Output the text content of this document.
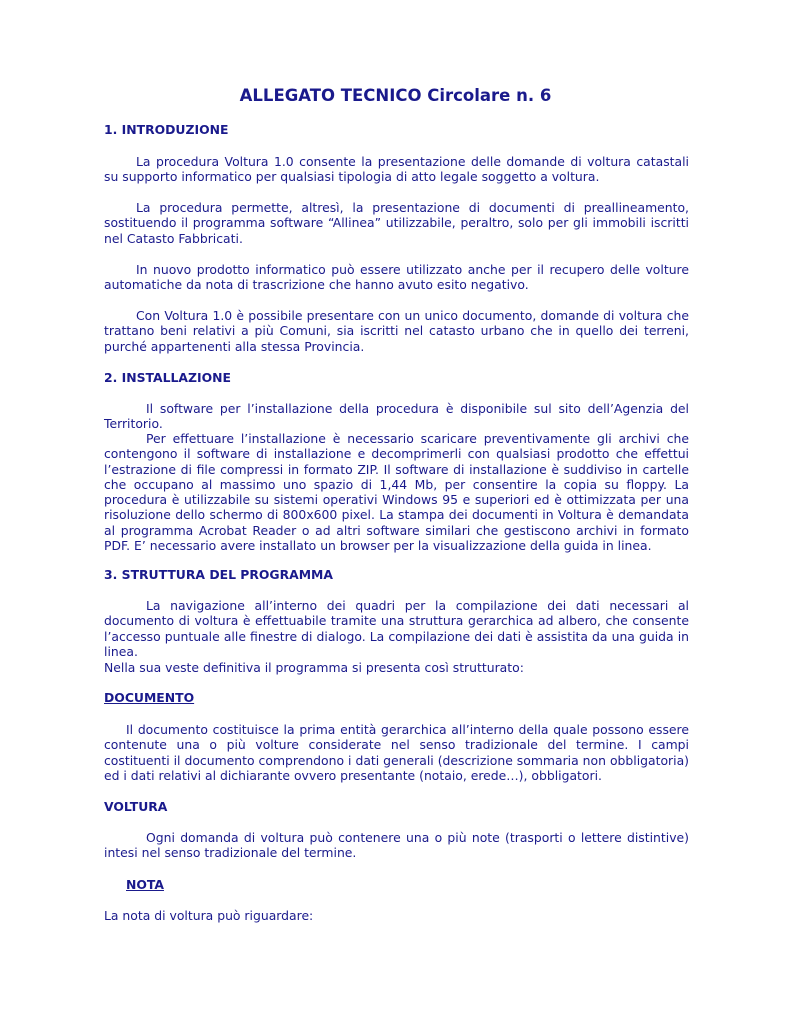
ALLEGATO TECNICO Circolare n. 6
1. INTRODUZIONE
La procedura Voltura 1.0 consente la presentazione delle domande di voltura catastali su supporto informatico per qualsiasi tipologia di atto legale soggetto a voltura.
La procedura permette, altresì, la presentazione di documenti di preallineamento, sostituendo il programma software “Allinea” utilizzabile, peraltro, solo per gli immobili iscritti nel Catasto Fabbricati.
In nuovo prodotto informatico può essere utilizzato anche per il recupero delle volture automatiche da nota di trascrizione che hanno avuto esito negativo.
Con Voltura 1.0 è possibile presentare con un unico documento, domande di voltura che trattano beni relativi a più Comuni, sia iscritti nel catasto urbano che in quello dei terreni, purché appartenenti alla stessa Provincia.
2. INSTALLAZIONE
Il software per l’installazione della procedura è disponibile sul sito dell’Agenzia del Territorio.
Per effettuare l’installazione è necessario scaricare preventivamente gli archivi che contengono il software di installazione e decomprimerli con qualsiasi prodotto che effettui l’estrazione di file compressi in formato ZIP. Il software di installazione è suddiviso in cartelle che occupano al massimo uno spazio di 1,44 Mb, per consentire la copia su floppy. La procedura è utilizzabile su sistemi operativi Windows 95 e superiori ed è ottimizzata per una risoluzione dello schermo di 800x600 pixel. La stampa dei documenti in Voltura è demandata al programma Acrobat Reader o ad altri software similari che gestiscono archivi in formato PDF. E’ necessario avere installato un browser per la visualizzazione della guida in linea.
3. STRUTTURA DEL PROGRAMMA
La navigazione all’interno dei quadri per la compilazione dei dati necessari al documento di voltura è effettuabile tramite una struttura gerarchica ad albero, che consente l’accesso puntuale alle finestre di dialogo. La compilazione dei dati è assistita da una guida in linea.
Nella sua veste definitiva il programma si presenta così strutturato:
DOCUMENTO
Il documento costituisce la prima entità gerarchica all’interno della quale possono essere contenute una o più volture considerate nel senso tradizionale del termine. I campi costituenti il documento comprendono i dati generali (descrizione sommaria non obbligatoria) ed i dati relativi al dichiarante ovvero presentante (notaio, erede…), obbligatori.
VOLTURA
Ogni domanda di voltura può contenere una o più note (trasporti o lettere distintive) intesi nel senso tradizionale del termine.
NOTA
La nota di voltura può riguardare:
